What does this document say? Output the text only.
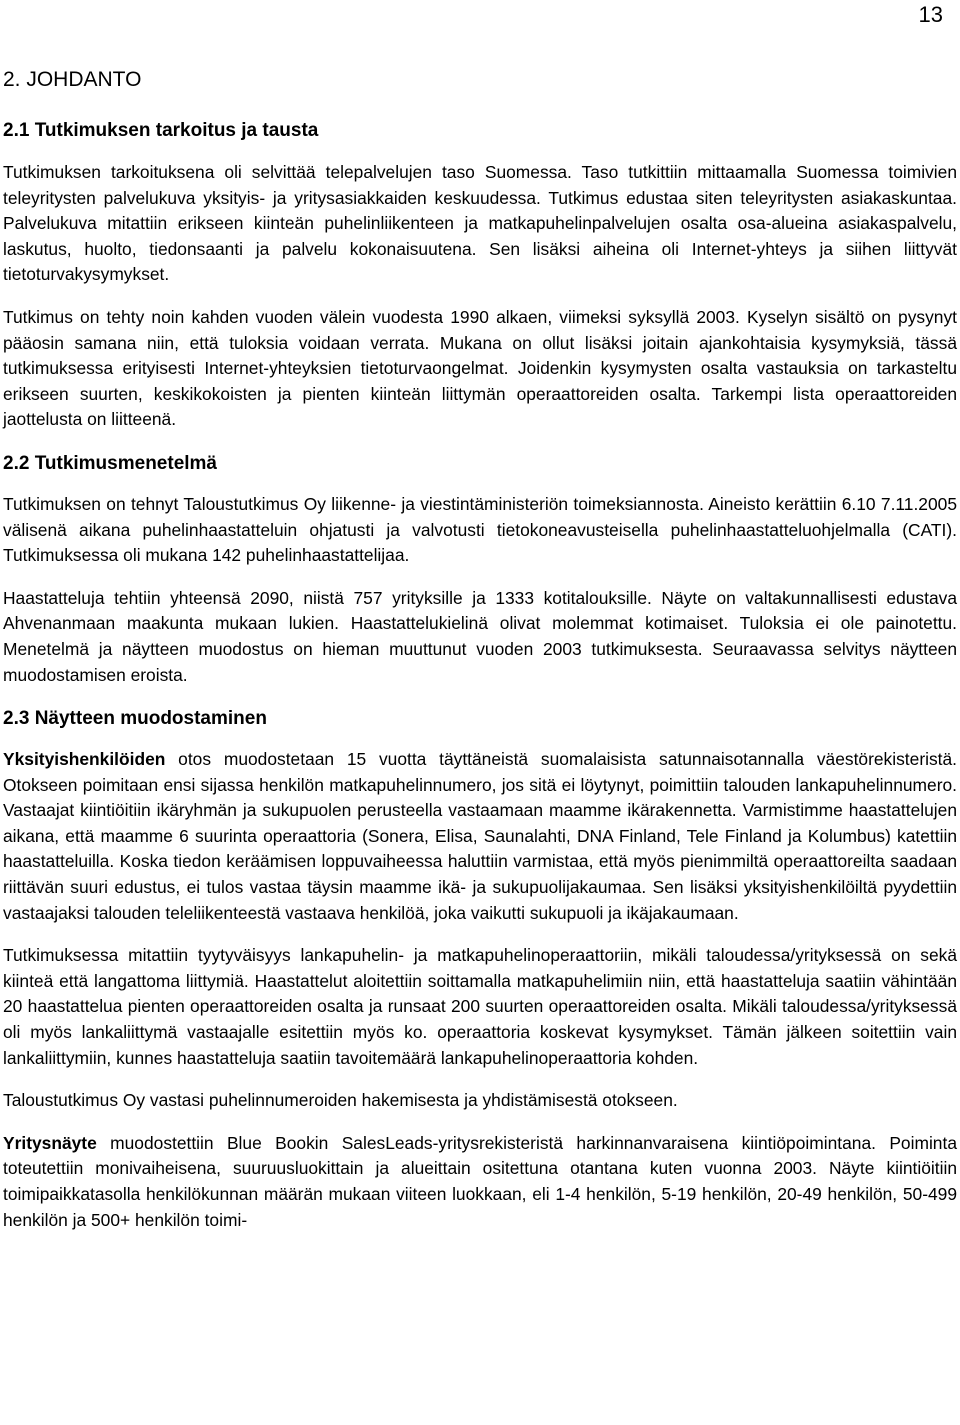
13
2. JOHDANTO
2.1 Tutkimuksen tarkoitus ja tausta

Tutkimuksen tarkoituksena oli selvittää telepalvelujen taso Suomessa. Taso tutkittiin mittaamalla Suomessa toimivien teleyritysten palvelukuva yksityis- ja yritysasiakkaiden keskuudessa. Tutkimus edustaa siten teleyritysten asiakaskuntaa. Palvelukuva mitattiin erikseen kiinteän puhelinliikenteen ja matkapuhelinpalvelujen osalta osa-alueina asiakaspalvelu, laskutus, huolto, tiedonsaanti ja palvelu kokonaisuutena. Sen lisäksi aiheina oli Internet-yhteys ja siihen liittyvät tietoturvakysymykset.

Tutkimus on tehty noin kahden vuoden välein vuodesta 1990 alkaen, viimeksi syksyllä 2003. Kyselyn sisältö on pysynyt pääosin samana niin, että tuloksia voidaan verrata. Mukana on ollut lisäksi joitain ajankohtaisia kysymyksiä, tässä tutkimuksessa erityisesti Internet-yhteyksien tietoturvaongelmat. Joidenkin kysymysten osalta vastauksia on tarkasteltu erikseen suurten, keskikokoisten ja pienten kiinteän liittymän operaattoreiden osalta. Tarkempi lista operaattoreiden jaottelusta on liitteenä.

2.2 Tutkimusmenetelmä

Tutkimuksen on tehnyt Taloustutkimus Oy liikenne- ja viestintäministeriön toimeksiannosta. Aineisto kerättiin 6.10 7.11.2005 välisenä aikana puhelinhaastatteluin ohjatusti ja valvotusti tietokoneavusteisella puhelinhaastatteluohjelmalla (CATI). Tutkimuksessa oli mukana 142 puhelinhaastattelijaa.

Haastatteluja tehtiin yhteensä 2090, niistä 757 yrityksille ja 1333 kotitalouksille. Näyte on valtakunnallisesti edustava Ahvenanmaan maakunta mukaan lukien. Haastattelukielinä olivat molemmat kotimaiset. Tuloksia ei ole painotettu. Menetelmä ja näytteen muodostus on hieman muuttunut vuoden 2003 tutkimuksesta. Seuraavassa selvitys näytteen muodostamisen eroista.

2.3 Näytteen muodostaminen

Yksityishenkilöiden otos muodostetaan 15 vuotta täyttäneistä suomalaisista satunnaisotannalla väestörekisteristä. Otokseen poimitaan ensi sijassa henkilön matkapuhelinnumero, jos sitä ei löytynyt, poimittiin talouden lankapuhelinnumero. Vastaajat kiintiöitiin ikäryhmän ja sukupuolen perusteella vastaamaan maamme ikärakennetta. Varmistimme haastattelujen aikana, että maamme 6 suurinta operaattoria (Sonera, Elisa, Saunalahti, DNA Finland, Tele Finland ja Kolumbus) katettiin haastatteluilla. Koska tiedon keräämisen loppuvaiheessa haluttiin varmistaa, että myös pienimmiltä operaattoreilta saadaan riittävän suuri edustus, ei tulos vastaa täysin maamme ikä- ja sukupuolijakaumaa. Sen lisäksi yksityishenkilöiltä pyydettiin vastaajaksi talouden teleliikenteestä vastaava henkilöä, joka vaikutti sukupuoli ja ikäjakaumaan.

Tutkimuksessa mitattiin tyytyväisyys lankapuhelin- ja matkapuhelinoperaattoriin, mikäli taloudessa/yrityksessä on sekä kiinteä että langattoma liittymiä. Haastattelut aloitettiin soittamalla matkapuhelimiin niin, että haastatteluja saatiin vähintään 20 haastattelua pienten operaattoreiden osalta ja runsaat 200 suurten operaattoreiden osalta. Mikäli taloudessa/yrityksessä oli myös lankaliittymä vastaajalle esitettiin myös ko. operaattoria koskevat kysymykset. Tämän jälkeen soitettiin vain lankaliittymiin, kunnes haastatteluja saatiin tavoitemäärä lankapuhelinoperaattoria kohden.

Taloustutkimus Oy vastasi puhelinnumeroiden hakemisesta ja yhdistämisestä otokseen.

Yritysnäyte muodostettiin Blue Bookin SalesLeads-yritysrekisteristä harkinnanvaraisena kiintiöpoimintana. Poiminta toteutettiin monivaiheisena, suuruusluokittain ja alueittain ositettuna otantana kuten vuonna 2003. Näyte kiintiöitiin toimipaikkatasolla henkilökunnan määrän mukaan viiteen luokkaan, eli 1-4 henkilön, 5-19 henkilön, 20-49 henkilön, 50-499 henkilön ja 500+ henkilön toimi-
